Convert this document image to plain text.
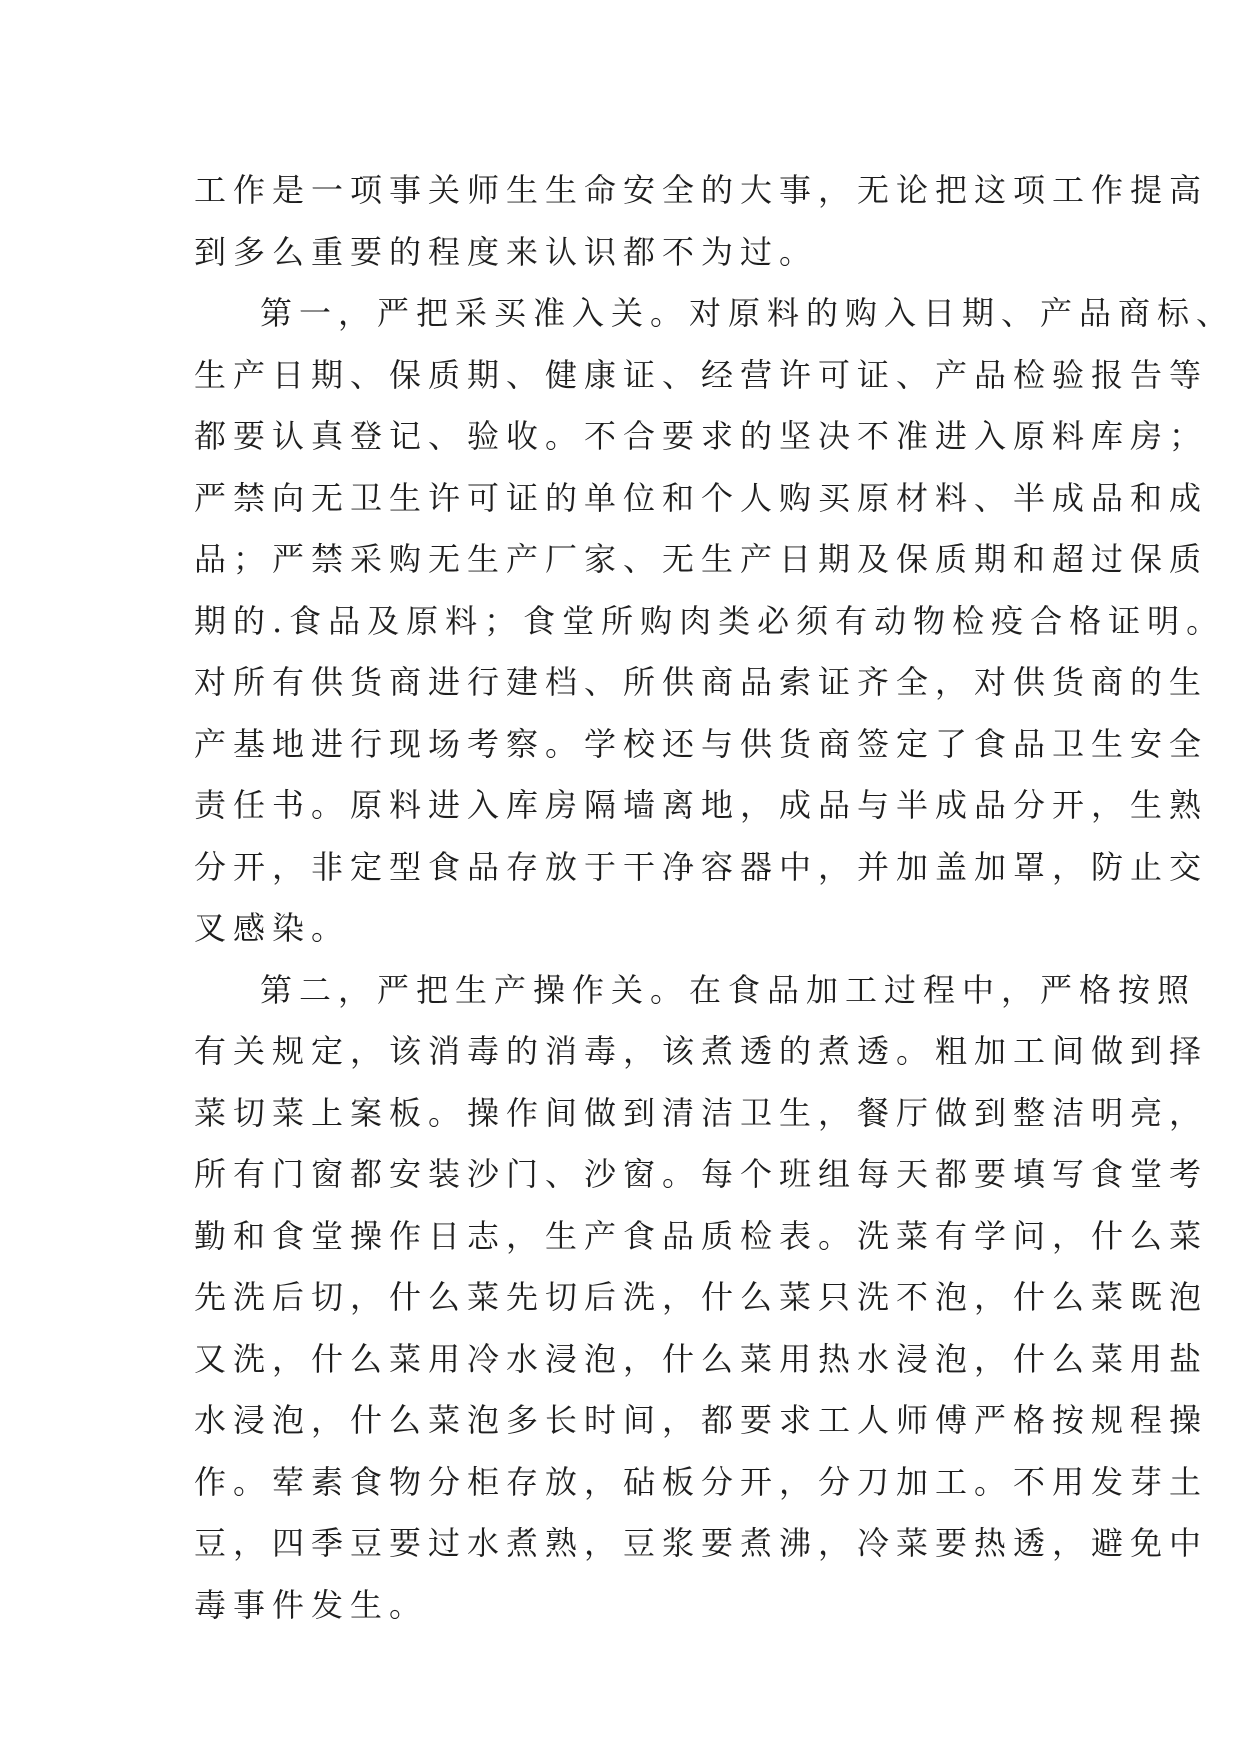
工作是一项事关师生生命安全的大事，无论把这项工作提高
到多么重要的程度来认识都不为过。
第一，严把采买准入关。对原料的购入日期、产品商标、
生产日期、保质期、健康证、经营许可证、产品检验报告等
都要认真登记、验收。不合要求的坚决不准进入原料库房；
严禁向无卫生许可证的单位和个人购买原材料、半成品和成
品；严禁采购无生产厂家、无生产日期及保质期和超过保质
期的.食品及原料；食堂所购肉类必须有动物检疫合格证明。
对所有供货商进行建档、所供商品索证齐全，对供货商的生
产基地进行现场考察。学校还与供货商签定了食品卫生安全
责任书。原料进入库房隔墙离地，成品与半成品分开，生熟
分开，非定型食品存放于干净容器中，并加盖加罩，防止交
叉感染。
第二，严把生产操作关。在食品加工过程中，严格按照
有关规定，该消毒的消毒，该煮透的煮透。粗加工间做到择
菜切菜上案板。操作间做到清洁卫生，餐厅做到整洁明亮，
所有门窗都安装沙门、沙窗。每个班组每天都要填写食堂考
勤和食堂操作日志，生产食品质检表。洗菜有学问，什么菜
先洗后切，什么菜先切后洗，什么菜只洗不泡，什么菜既泡
又洗，什么菜用冷水浸泡，什么菜用热水浸泡，什么菜用盐
水浸泡，什么菜泡多长时间，都要求工人师傅严格按规程操
作。荤素食物分柜存放，砧板分开，分刀加工。不用发芽土
豆，四季豆要过水煮熟，豆浆要煮沸，冷菜要热透，避免中
毒事件发生。
